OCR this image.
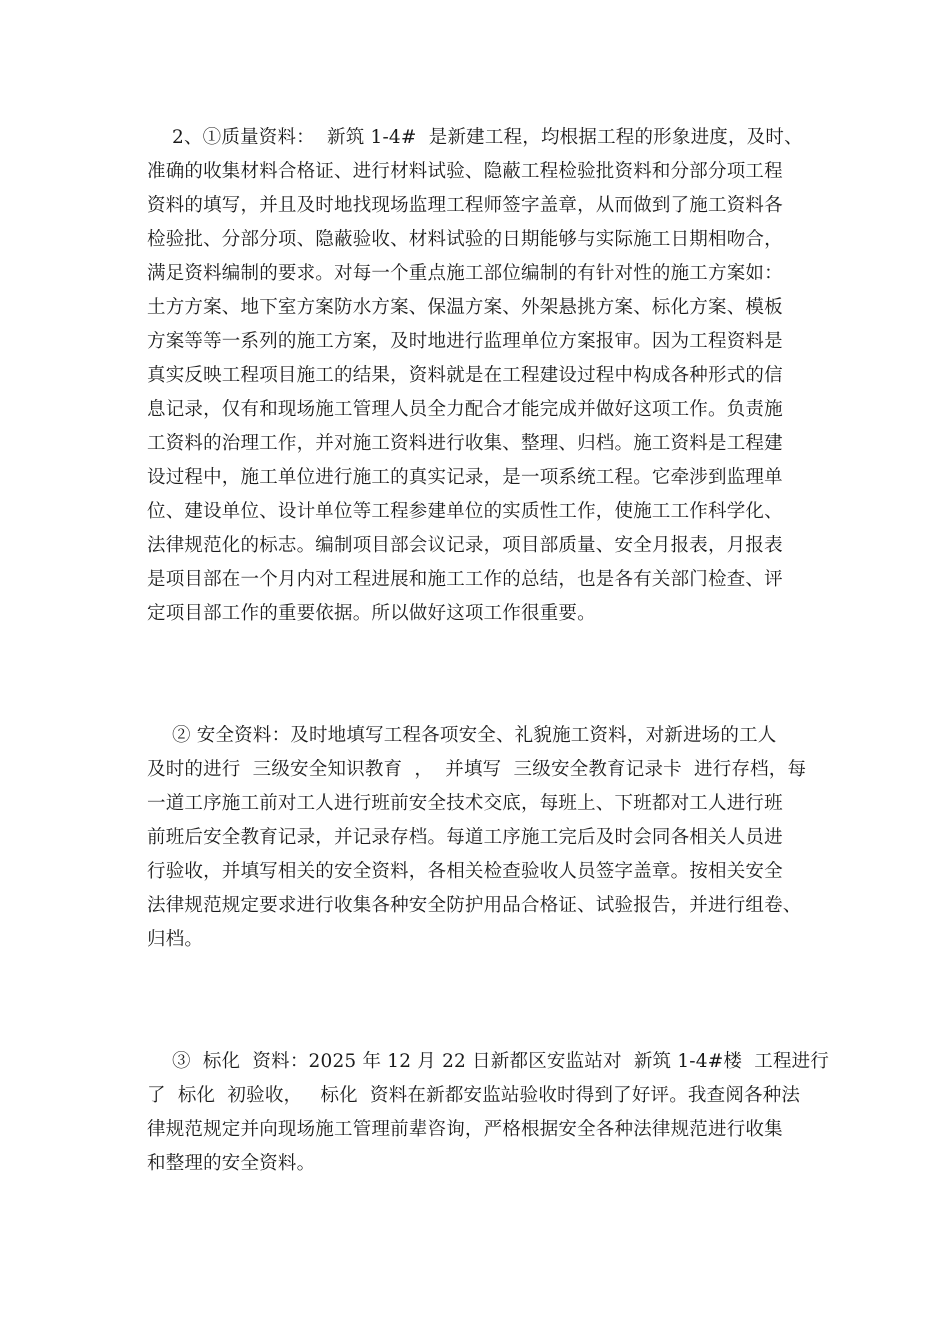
2、①质量资料：  新筑 1-4#  是新建工程，均根据工程的形象进度，及时、
准确的收集材料合格证、进行材料试验、隐蔽工程检验批资料和分部分项工程
资料的填写，并且及时地找现场监理工程师签字盖章，从而做到了施工资料各
检验批、分部分项、隐蔽验收、材料试验的日期能够与实际施工日期相吻合，
满足资料编制的要求。对每一个重点施工部位编制的有针对性的施工方案如：
土方方案、地下室方案防水方案、保温方案、外架悬挑方案、标化方案、模板
方案等等一系列的施工方案，及时地进行监理单位方案报审。因为工程资料是
真实反映工程项目施工的结果，资料就是在工程建设过程中构成各种形式的信
息记录，仅有和现场施工管理人员全力配合才能完成并做好这项工作。负责施
工资料的治理工作，并对施工资料进行收集、整理、归档。施工资料是工程建
设过程中，施工单位进行施工的真实记录，是一项系统工程。它牵涉到监理单
位、建设单位、设计单位等工程参建单位的实质性工作，使施工工作科学化、
法律规范化的标志。编制项目部会议记录，项目部质量、安全月报表，月报表
是项目部在一个月内对工程进展和施工工作的总结，也是各有关部门检查、评
定项目部工作的重要依据。所以做好这项工作很重要。
② 安全资料：及时地填写工程各项安全、礼貌施工资料，对新进场的工人
及时的进行  三级安全知识教育  ，  并填写  三级安全教育记录卡  进行存档，每
一道工序施工前对工人进行班前安全技术交底，每班上、下班都对工人进行班
前班后安全教育记录，并记录存档。每道工序施工完后及时会同各相关人员进
行验收，并填写相关的安全资料，各相关检查验收人员签字盖章。按相关安全
法律规范规定要求进行收集各种安全防护用品合格证、试验报告，并进行组卷、
归档。
③  标化  资料：2025 年 12 月 22 日新都区安监站对  新筑 1-4#楼  工程进行
了  标化  初验收，   标化  资料在新都安监站验收时得到了好评。我查阅各种法
律规范规定并向现场施工管理前辈咨询，严格根据安全各种法律规范进行收集
和整理的安全资料。
